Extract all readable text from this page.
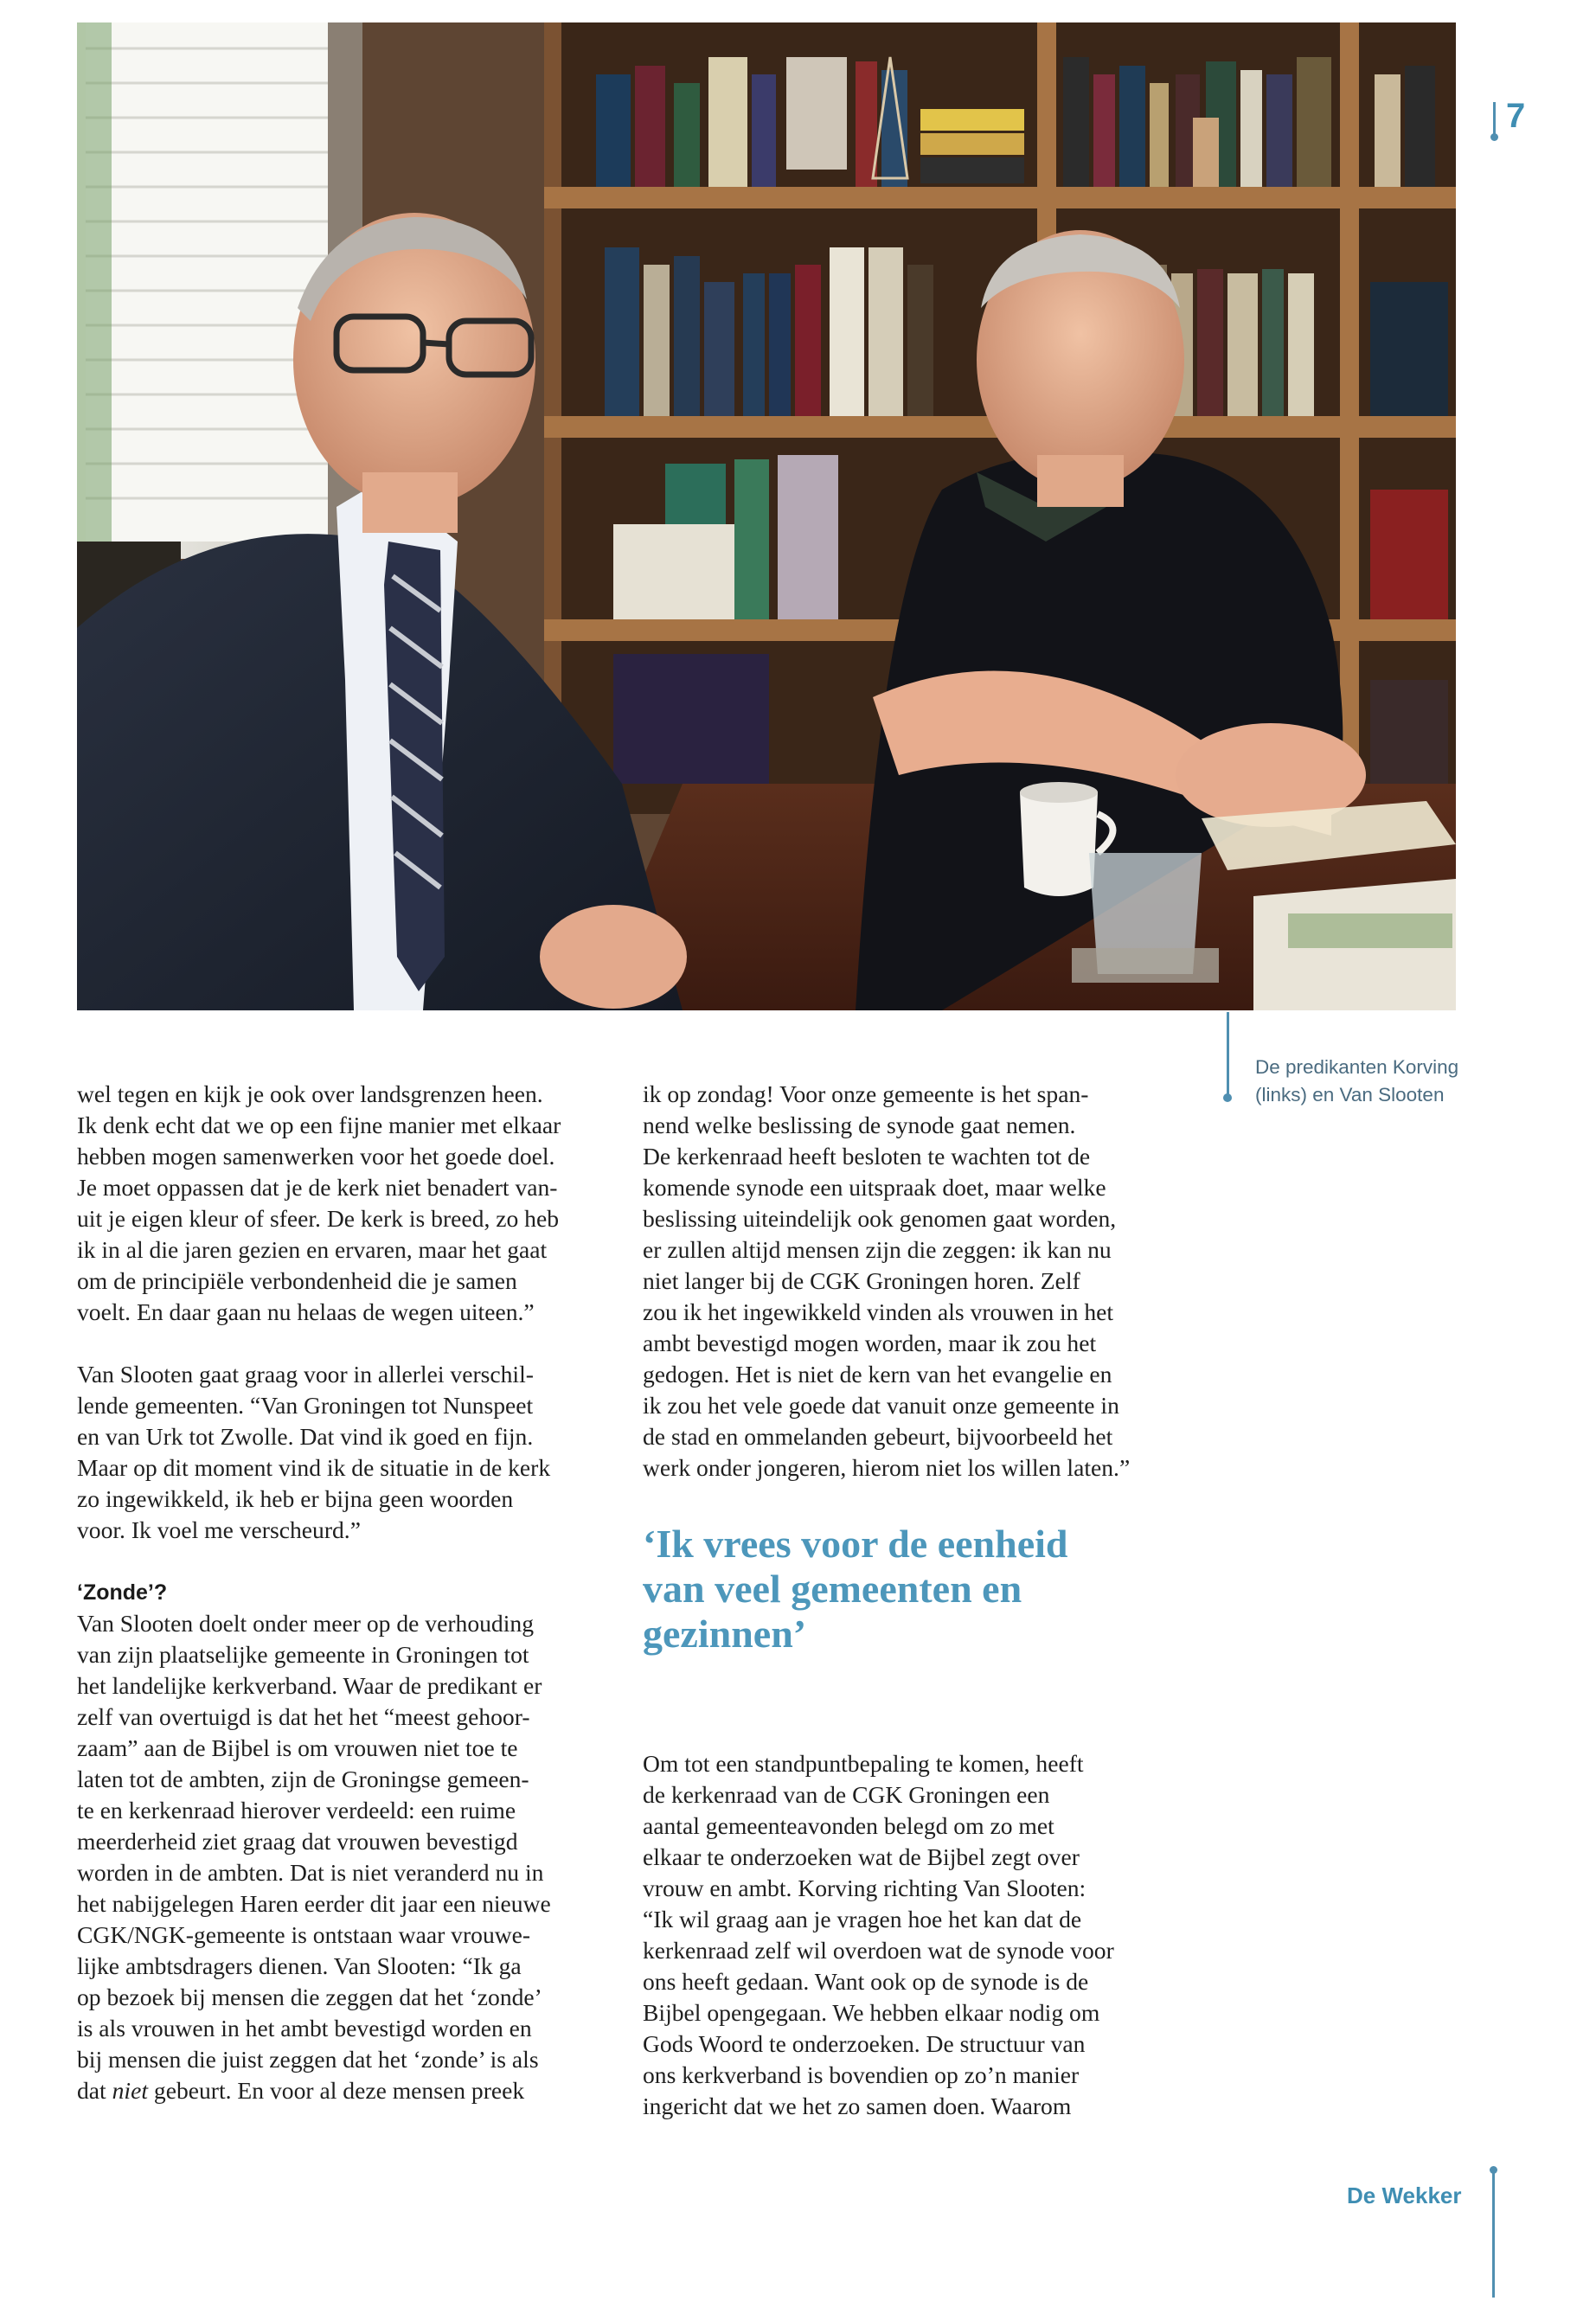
7
De predikanten Korving
(links) en Van Slooten

wel tegen en kijk je ook over landsgrenzen heen.
Ik denk echt dat we op een fijne manier met elkaar
hebben mogen samenwerken voor het goede doel.
Je moet oppassen dat je de kerk niet benadert van-
uit je eigen kleur of sfeer. De kerk is breed, zo heb
ik in al die jaren gezien en ervaren, maar het gaat
om de principiële verbondenheid die je samen
voelt. En daar gaan nu helaas de wegen uiteen.”

Van Slooten gaat graag voor in allerlei verschil-
lende gemeenten. “Van Groningen tot Nunspeet
en van Urk tot Zwolle. Dat vind ik goed en fijn.
Maar op dit moment vind ik de situatie in de kerk
zo ingewikkeld, ik heb er bijna geen woorden
voor. Ik voel me verscheurd.”

‘Zonde’?

Van Slooten doelt onder meer op de verhouding
van zijn plaatselijke gemeente in Groningen tot
het landelijke kerkverband. Waar de predikant er
zelf van overtuigd is dat het het “meest gehoor-
zaam” aan de Bijbel is om vrouwen niet toe te
laten tot de ambten, zijn de Groningse gemeen-
te en kerkenraad hierover verdeeld: een ruime
meerderheid ziet graag dat vrouwen bevestigd
worden in de ambten. Dat is niet veranderd nu in
het nabijgelegen Haren eerder dit jaar een nieuwe
CGK/NGK-gemeente is ontstaan waar vrouwe-
lijke ambtsdragers dienen. Van Slooten: “Ik ga
op bezoek bij mensen die zeggen dat het ‘zonde’
is als vrouwen in het ambt bevestigd worden en
bij mensen die juist zeggen dat het ‘zonde’ is als
dat niet gebeurt. En voor al deze mensen preek

ik op zondag! Voor onze gemeente is het span-
nend welke beslissing de synode gaat nemen.
De kerkenraad heeft besloten te wachten tot de
komende synode een uitspraak doet, maar welke
beslissing uiteindelijk ook genomen gaat worden,
er zullen altijd mensen zijn die zeggen: ik kan nu
niet langer bij de CGK Groningen horen. Zelf
zou ik het ingewikkeld vinden als vrouwen in het
ambt bevestigd mogen worden, maar ik zou het
gedogen. Het is niet de kern van het evangelie en
ik zou het vele goede dat vanuit onze gemeente in
de stad en ommelanden gebeurt, bijvoorbeeld het
werk onder jongeren, hierom niet los willen laten.”

‘Ik vrees voor de eenheid
van veel gemeenten en
gezinnen’

Om tot een standpuntbepaling te komen, heeft
de kerkenraad van de CGK Groningen een
aantal gemeenteavonden belegd om zo met
elkaar te onderzoeken wat de Bijbel zegt over
vrouw en ambt. Korving richting Van Slooten:
“Ik wil graag aan je vragen hoe het kan dat de
kerkenraad zelf wil overdoen wat de synode voor
ons heeft gedaan. Want ook op de synode is de
Bijbel opengegaan. We hebben elkaar nodig om
Gods Woord te onderzoeken. De structuur van
ons kerkverband is bovendien op zo’n manier
ingericht dat we het zo samen doen. Waarom

De Wekker
